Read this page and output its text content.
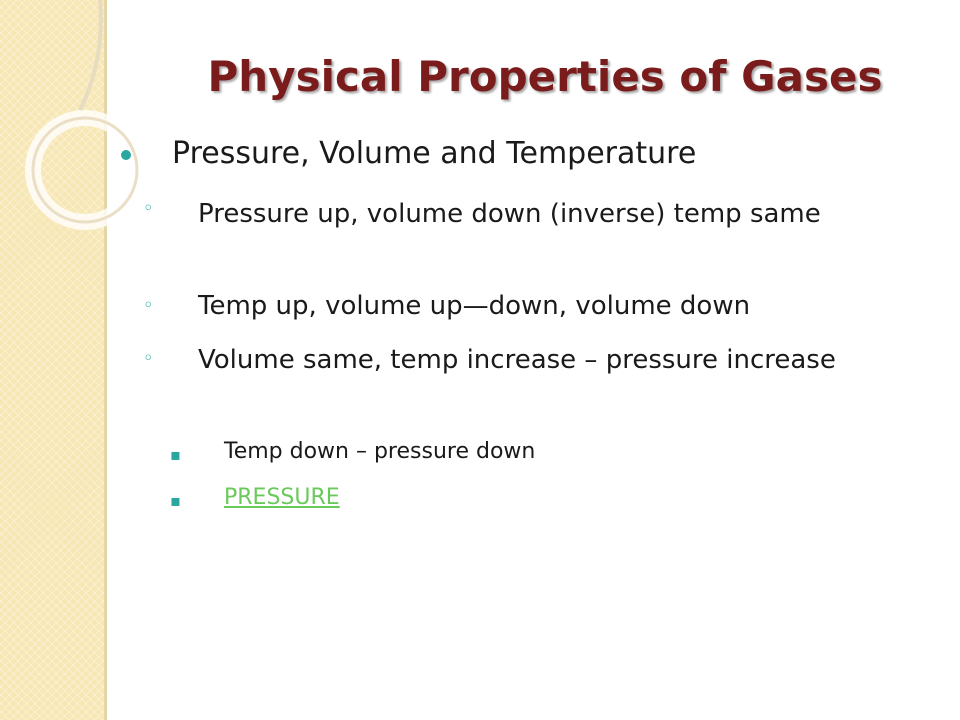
Physical Properties of Gases
Pressure, Volume and Temperature
◦ Pressure up, volume down (inverse) temp same
◦ Temp up, volume up—down, volume down
◦ Volume same, temp increase – pressure increase
▪ Temp down – pressure down
▪ PRESSURE
